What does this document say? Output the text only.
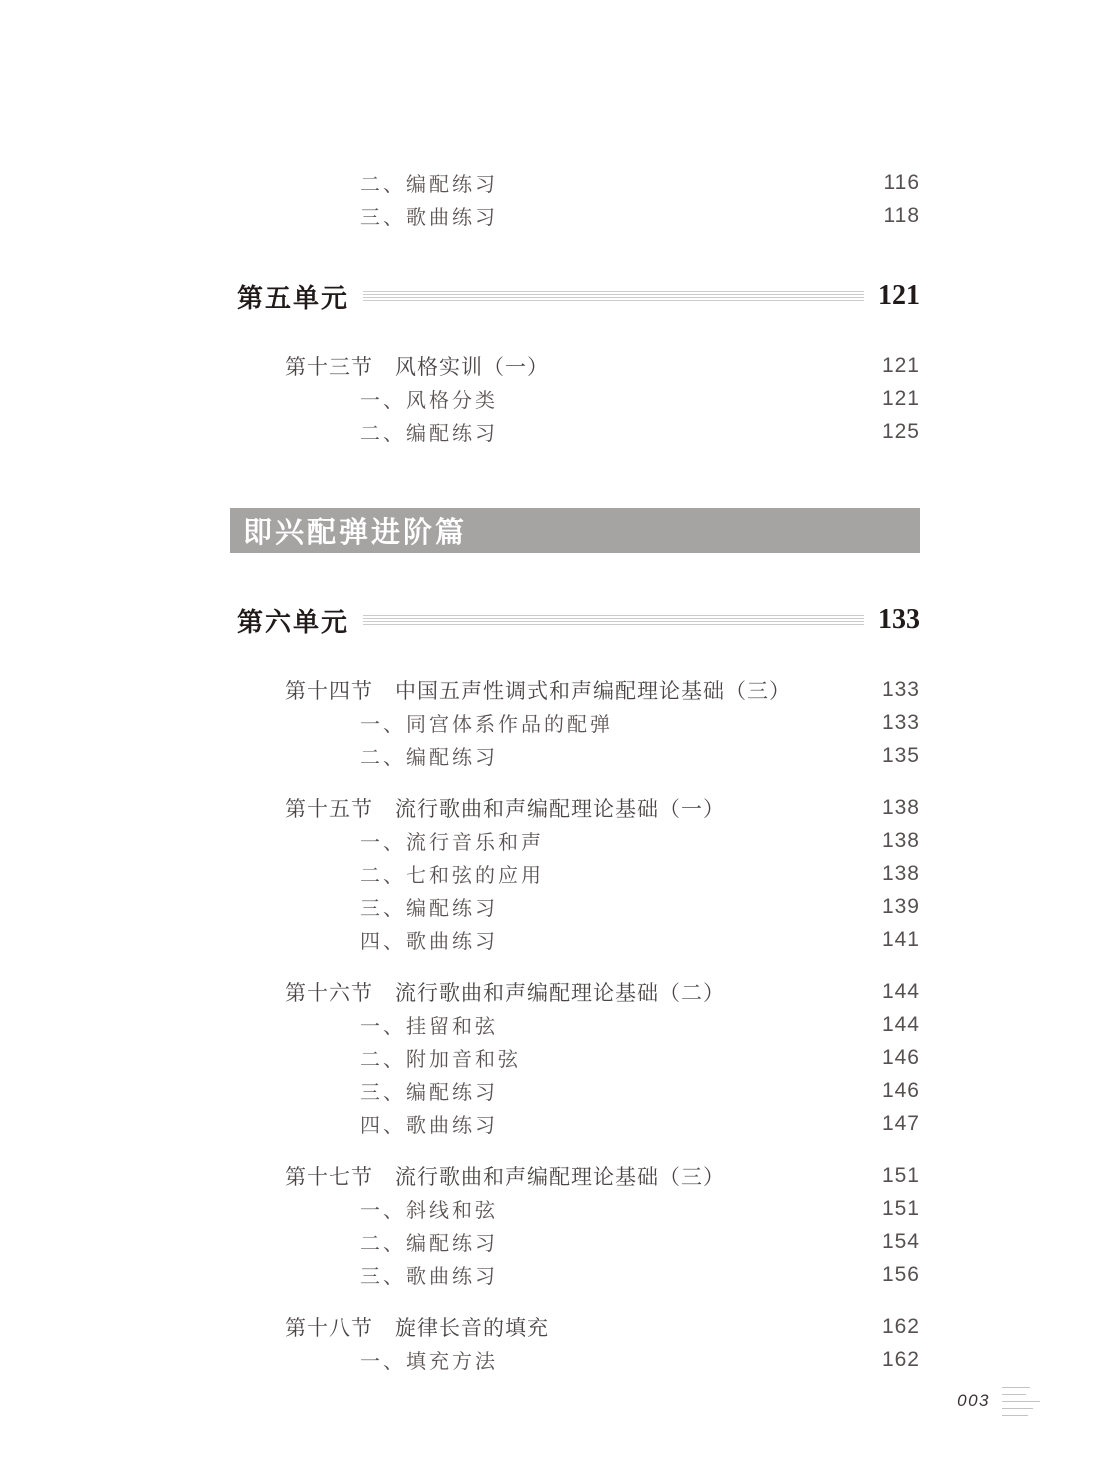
二、编配练习	116
三、歌曲练习	118
第五单元	121
第十三节　风格实训（一）	121
一、风格分类	121
二、编配练习	125
即兴配弹进阶篇
第六单元	133
第十四节　中国五声性调式和声编配理论基础（三）	133
一、同宫体系作品的配弹	133
二、编配练习	135
第十五节　流行歌曲和声编配理论基础（一）	138
一、流行音乐和声	138
二、七和弦的应用	138
三、编配练习	139
四、歌曲练习	141
第十六节　流行歌曲和声编配理论基础（二）	144
一、挂留和弦	144
二、附加音和弦	146
三、编配练习	146
四、歌曲练习	147
第十七节　流行歌曲和声编配理论基础（三）	151
一、斜线和弦	151
二、编配练习	154
三、歌曲练习	156
第十八节　旋律长音的填充	162
一、填充方法	162
003
